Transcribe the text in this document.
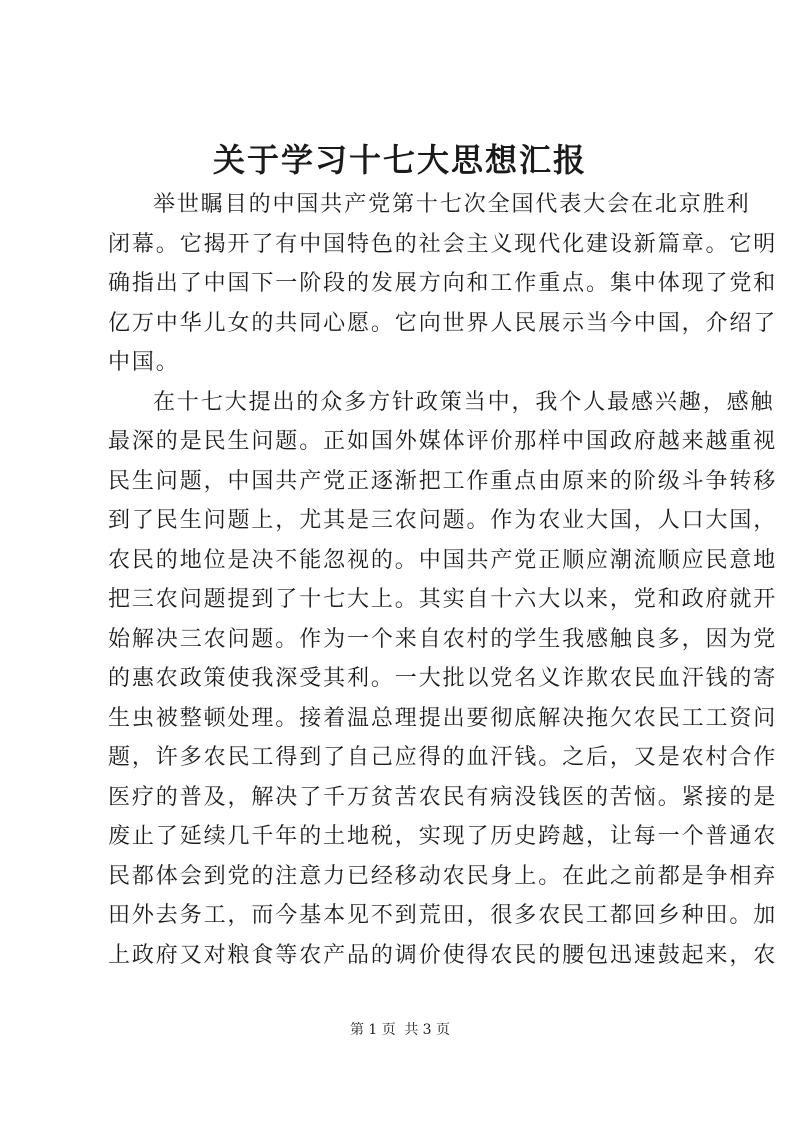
关于学习十七大思想汇报
举世瞩目的中国共产党第十七次全国代表大会在北京胜利
闭幕。它揭开了有中国特色的社会主义现代化建设新篇章。它明
确指出了中国下一阶段的发展方向和工作重点。集中体现了党和
亿万中华儿女的共同心愿。它向世界人民展示当今中国，介绍了
中国。
在十七大提出的众多方针政策当中，我个人最感兴趣，感触
最深的是民生问题。正如国外媒体评价那样中国政府越来越重视
民生问题，中国共产党正逐渐把工作重点由原来的阶级斗争转移
到了民生问题上，尤其是三农问题。作为农业大国，人口大国，
农民的地位是决不能忽视的。中国共产党正顺应潮流顺应民意地
把三农问题提到了十七大上。其实自十六大以来，党和政府就开
始解决三农问题。作为一个来自农村的学生我感触良多，因为党
的惠农政策使我深受其利。一大批以党名义诈欺农民血汗钱的寄
生虫被整顿处理。接着温总理提出要彻底解决拖欠农民工工资问
题，许多农民工得到了自己应得的血汗钱。之后，又是农村合作
医疗的普及，解决了千万贫苦农民有病没钱医的苦恼。紧接的是
废止了延续几千年的土地税，实现了历史跨越，让每一个普通农
民都体会到党的注意力已经移动农民身上。在此之前都是争相弃
田外去务工，而今基本见不到荒田，很多农民工都回乡种田。加
上政府又对粮食等农产品的调价使得农民的腰包迅速鼓起来，农
第 1 页 共 3 页
